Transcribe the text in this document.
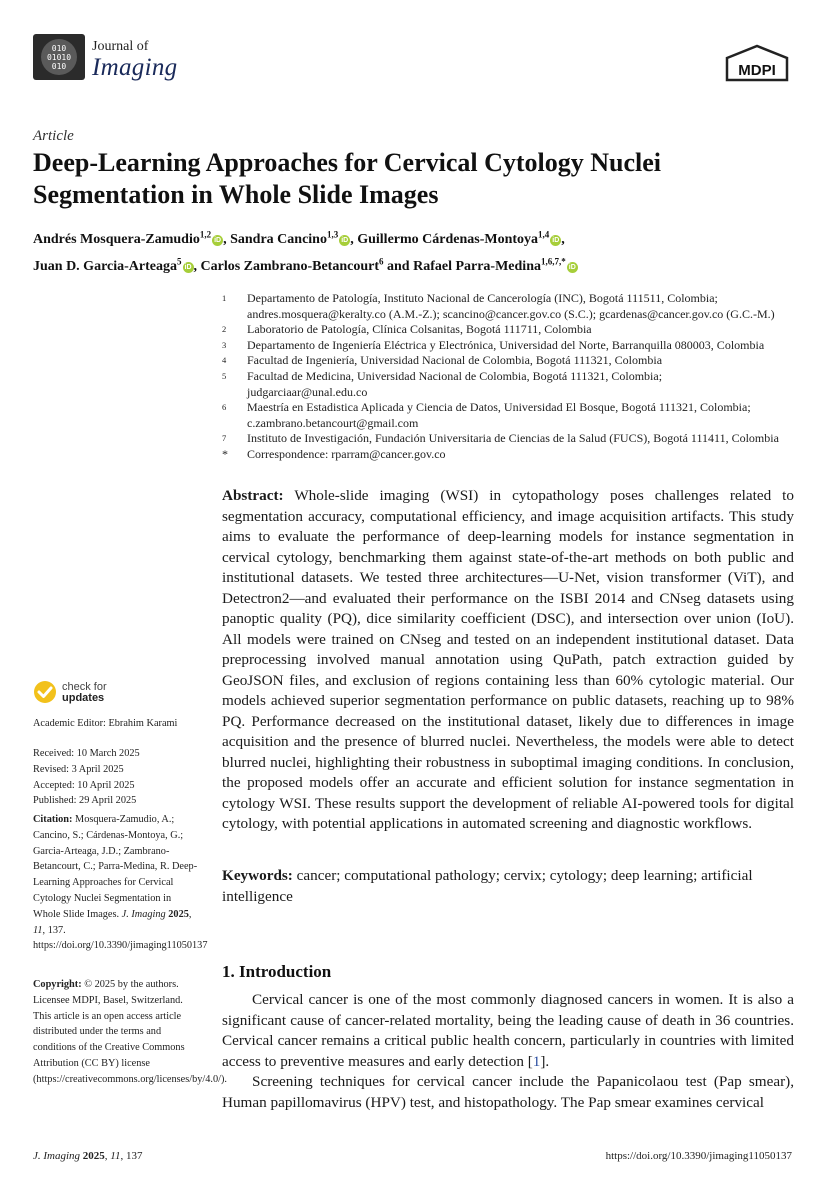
010
01010
010
Journal of
Imaging	MDPI
Article
Deep-Learning Approaches for Cervical Cytology Nuclei Segmentation in Whole Slide Images
Andrés Mosquera-Zamudio$^{1,2}$iD , Sandra Cancino$^{1,3}$iD , Guillermo Cárdenas-Montoya$^{1,4}$iD ,
Juan D. Garcia-Arteaga$^5$iD , Carlos Zambrano-Betancourt$^6$ and Rafael Parra-Medina$^{1,6,7,*}$iD
1	Departamento de Patología, Instituto Nacional de Cancerología (INC), Bogotá 111511, Colombia;
andres.mosquera@keralty.co (A.M.-Z.); scancino@cancer.gov.co (S.C.); gcardenas@cancer.gov.co (G.C.-M.)
2	Laboratorio de Patología, Clínica Colsanitas, Bogotá 111711, Colombia
3	Departamento de Ingeniería Eléctrica y Electrónica, Universidad del Norte, Barranquilla 080003, Colombia
4	Facultad de Ingeniería, Universidad Nacional de Colombia, Bogotá 111321, Colombia
5	Facultad de Medicina, Universidad Nacional de Colombia, Bogotá 111321, Colombia;
judgarciaar@unal.edu.co
6	Maestría en Estadistica Aplicada y Ciencia de Datos, Universidad El Bosque, Bogotá 111321, Colombia;
c.zambrano.betancourt@gmail.com
7	Instituto de Investigación, Fundación Universitaria de Ciencias de la Salud (FUCS), Bogotá 111411, Colombia
*	Correspondence: rparram@cancer.gov.co
check for
updates
Academic Editor: Ebrahim Karami
Received: 10 March 2025
Revised: 3 April 2025
Accepted: 10 April 2025
Published: 29 April 2025
Citation: Mosquera-Zamudio, A.; Cancino, S.; Cárdenas-Montoya, G.; Garcia-Arteaga, J.D.; Zambrano-Betancourt, C.; Parra-Medina, R. Deep-Learning Approaches for Cervical Cytology Nuclei Segmentation in Whole Slide Images. J. Imaging 2025, 11, 137. https://doi.org/10.3390/jimaging11050137
Copyright: © 2025 by the authors. Licensee MDPI, Basel, Switzerland. This article is an open access article distributed under the terms and conditions of the Creative Commons Attribution (CC BY) license (https://creativecommons.org/licenses/by/4.0/).
Abstract: Whole-slide imaging (WSI) in cytopathology poses challenges related to segmentation accuracy, computational efficiency, and image acquisition artifacts. This study aims to evaluate the performance of deep-learning models for instance segmentation in cervical cytology, benchmarking them against state-of-the-art methods on both public and institutional datasets. We tested three architectures—U-Net, vision transformer (ViT), and Detectron2—and evaluated their performance on the ISBI 2014 and CNseg datasets using panoptic quality (PQ), dice similarity coefficient (DSC), and intersection over union (IoU). All models were trained on CNseg and tested on an independent institutional dataset. Data preprocessing involved manual annotation using QuPath, patch extraction guided by GeoJSON files, and exclusion of regions containing less than 60% cytologic material. Our models achieved superior segmentation performance on public datasets, reaching up to 98% PQ. Performance decreased on the institutional dataset, likely due to differences in image acquisition and the presence of blurred nuclei. Nevertheless, the models were able to detect blurred nuclei, highlighting their robustness in suboptimal imaging conditions. In conclusion, the proposed models offer an accurate and efficient solution for instance segmentation in cytology WSI. These results support the development of reliable AI-powered tools for digital cytology, with potential applications in automated screening and diagnostic workflows.
Keywords: cancer; computational pathology; cervix; cytology; deep learning; artificial intelligence
1. Introduction

Cervical cancer is one of the most commonly diagnosed cancers in women. It is also a significant cause of cancer-related mortality, being the leading cause of death in 36 countries. Cervical cancer remains a critical public health concern, particularly in countries with limited access to preventive measures and early detection [1].

Screening techniques for cervical cancer include the Papanicolaou test (Pap smear), Human papillomavirus (HPV) test, and histopathology. The Pap smear examines cervical

J. Imaging 2025, 11, 137	https://doi.org/10.3390/jimaging11050137
